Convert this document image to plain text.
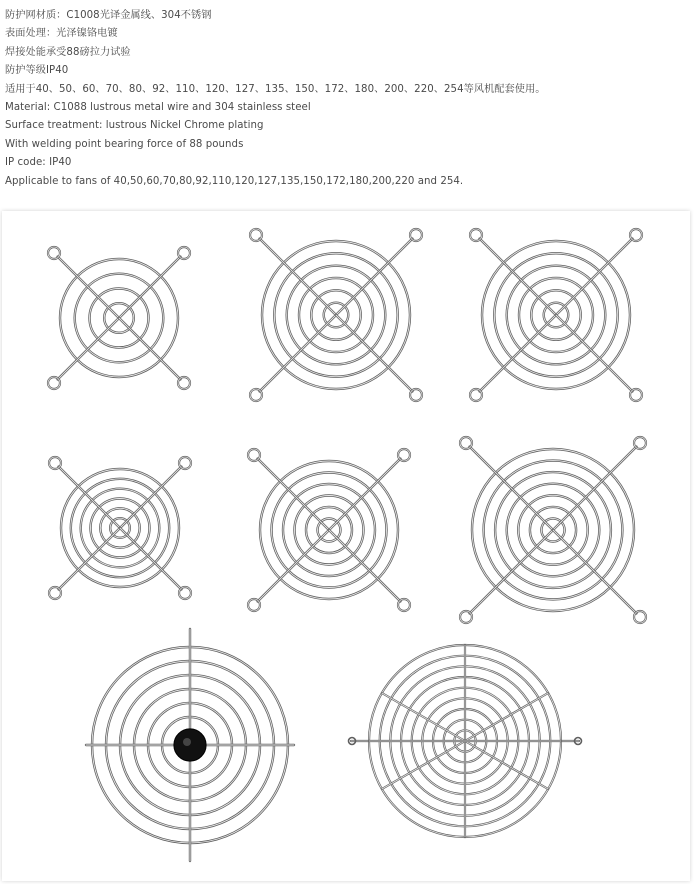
防护网材质：C1008光译金属线、304不锈钢
表面处理：光泽镍铬电镀
焊接处能承受88磅拉力试验
防护等级IP40
适用于40、50、60、70、80、92、110、120、127、135、150、172、180、200、220、254等风机配套使用。
Material: C1088 lustrous metal wire and 304 stainless steel
Surface treatment: lustrous Nickel Chrome plating
With welding point bearing force of 88 pounds
IP code: IP40
Applicable to fans of 40,50,60,70,80,92,110,120,127,135,150,172,180,200,220 and 254.
